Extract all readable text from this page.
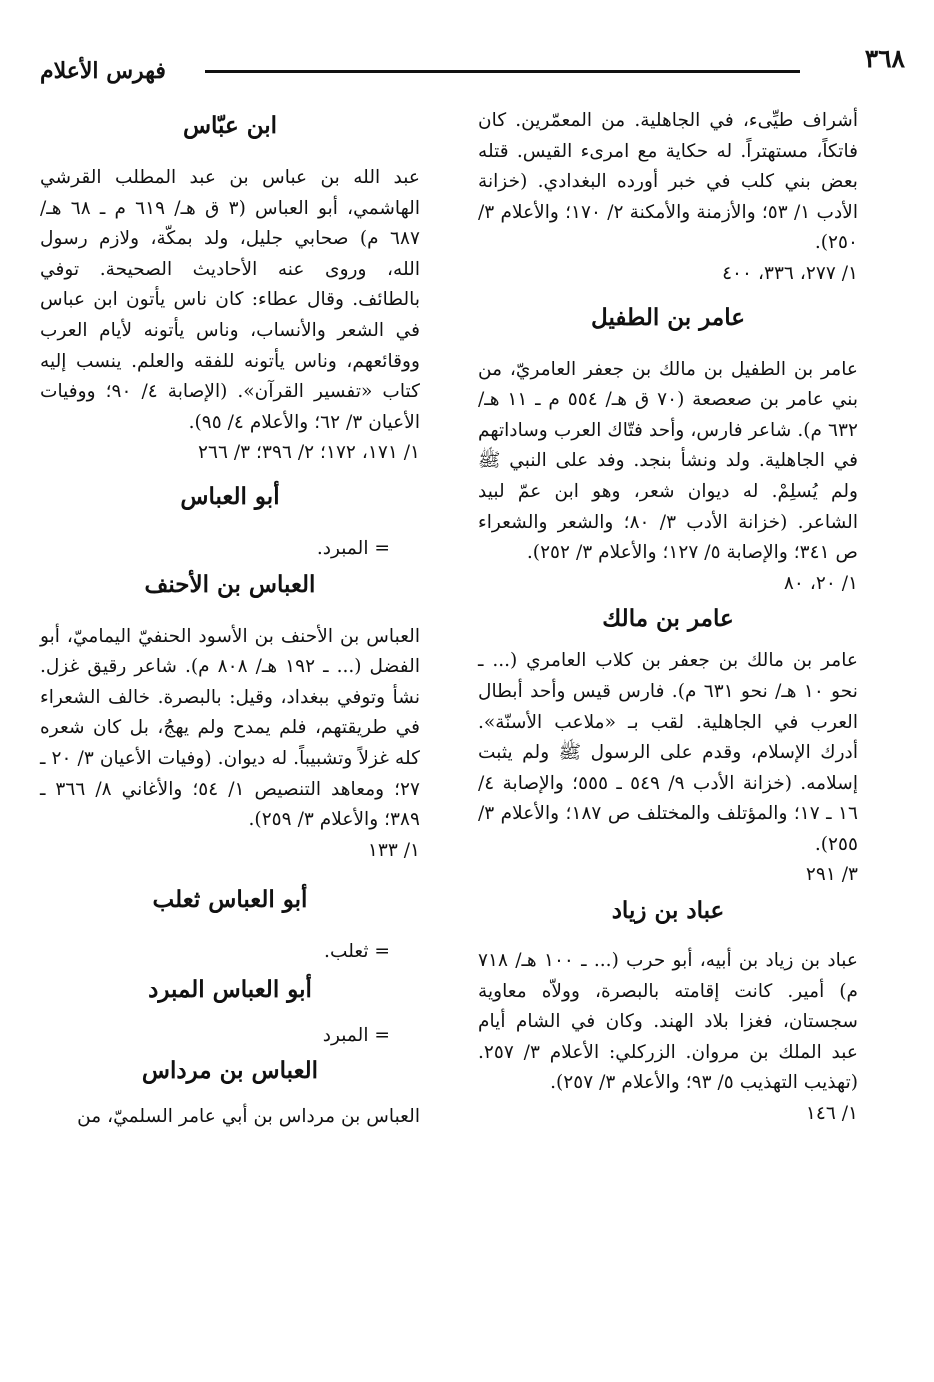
٣٦٨
فهرس الأعلام

أشراف طيِّىء، في الجاهلية. من المعمّرين. كان فاتكاً، مستهتراً. له حكاية مع امرىء القيس. قتله بعض بني كلب في خبر أورده البغدادي. (خزانة الأدب ١/ ٥٣؛ والأزمنة والأمكنة ٢/ ١٧٠؛ والأعلام ٣/ ٢٥٠).

١/ ٢٧٧، ٣٣٦، ٤٠٠

عامر بن الطفيل

عامر بن الطفيل بن مالك بن جعفر العامريّ، من بني عامر بن صعصعة (٧٠ ق هـ/ ٥٥٤ م ـ ١١ هـ/ ٦٣٢ م). شاعر فارس، وأحد فتّاك العرب وساداتهم في الجاهلية. ولد ونشأ بنجد. وفد على النبي ﷺ ولم يُسلِمْ. له ديوان شعر، وهو ابن عمّ لبيد الشاعر. (خزانة الأدب ٣/ ٨٠؛ والشعر والشعراء ص ٣٤١؛ والإصابة ٥/ ١٢٧؛ والأعلام ٣/ ٢٥٢).

١/ ٢٠، ٨٠

عامر بن مالك

عامر بن مالك بن جعفر بن كلاب العامري (... ـ نحو ١٠ هـ/ نحو ٦٣١ م). فارس قيس وأحد أبطال العرب في الجاهلية. لقب بـ «ملاعب الأسنّة». أدرك الإسلام، وقدم على الرسول ﷺ ولم يثبت إسلامه. (خزانة الأدب ٩/ ٥٤٩ ـ ٥٥٥؛ والإصابة ٤/ ١٦ ـ ١٧؛ والمؤتلف والمختلف ص ١٨٧؛ والأعلام ٣/ ٢٥٥).

٣/ ٢٩١

عباد بن زياد

عباد بن زياد بن أبيه، أبو حرب (... ـ ١٠٠ هـ/ ٧١٨ م) أمير. كانت إقامته بالبصرة، وولاّه معاوية سجستان، فغزا بلاد الهند. وكان في الشام أيام عبد الملك بن مروان. الزركلي: الأعلام ٣/ ٢٥٧. (تهذيب التهذيب ٥/ ٩٣؛ والأعلام ٣/ ٢٥٧).

١/ ١٤٦

ابن عبّاس

عبد الله بن عباس بن عبد المطلب القرشي الهاشمي، أبو العباس (٣ ق هـ/ ٦١٩ م ـ ٦٨ هـ/ ٦٨٧ م) صحابي جليل، ولد بمكّة، ولازم رسول الله، وروى عنه الأحاديث الصحيحة. توفي بالطائف. وقال عطاء: كان ناس يأتون ابن عباس في الشعر والأنساب، وناس يأتونه لأيام العرب ووقائعهم، وناس يأتونه للفقه والعلم. ينسب إليه كتاب «تفسير القرآن». (الإصابة ٤/ ٩٠؛ ووفيات الأعيان ٣/ ٦٢؛ والأعلام ٤/ ٩٥).

١/ ١٧١، ١٧٢؛ ٢/ ٣٩٦؛ ٣/ ٢٦٦

أبو العباس

= المبرد.

العباس بن الأحنف

العباس بن الأحنف بن الأسود الحنفيّ اليماميّ، أبو الفضل (... ـ ١٩٢ هـ/ ٨٠٨ م). شاعر رقيق غزل. نشأ وتوفي ببغداد، وقيل: بالبصرة. خالف الشعراء في طريقتهم، فلم يمدح ولم يهجُ، بل كان شعره كله غزلاً وتشبيباً. له ديوان. (وفيات الأعيان ٣/ ٢٠ ـ ٢٧؛ ومعاهد التنصيص ١/ ٥٤؛ والأغاني ٨/ ٣٦٦ ـ ٣٨٩؛ والأعلام ٣/ ٢٥٩).

١/ ١٣٣

أبو العباس ثعلب

= ثعلب.

أبو العباس المبرد

= المبرد

العباس بن مرداس

العباس بن مرداس بن أبي عامر السلميّ، من
